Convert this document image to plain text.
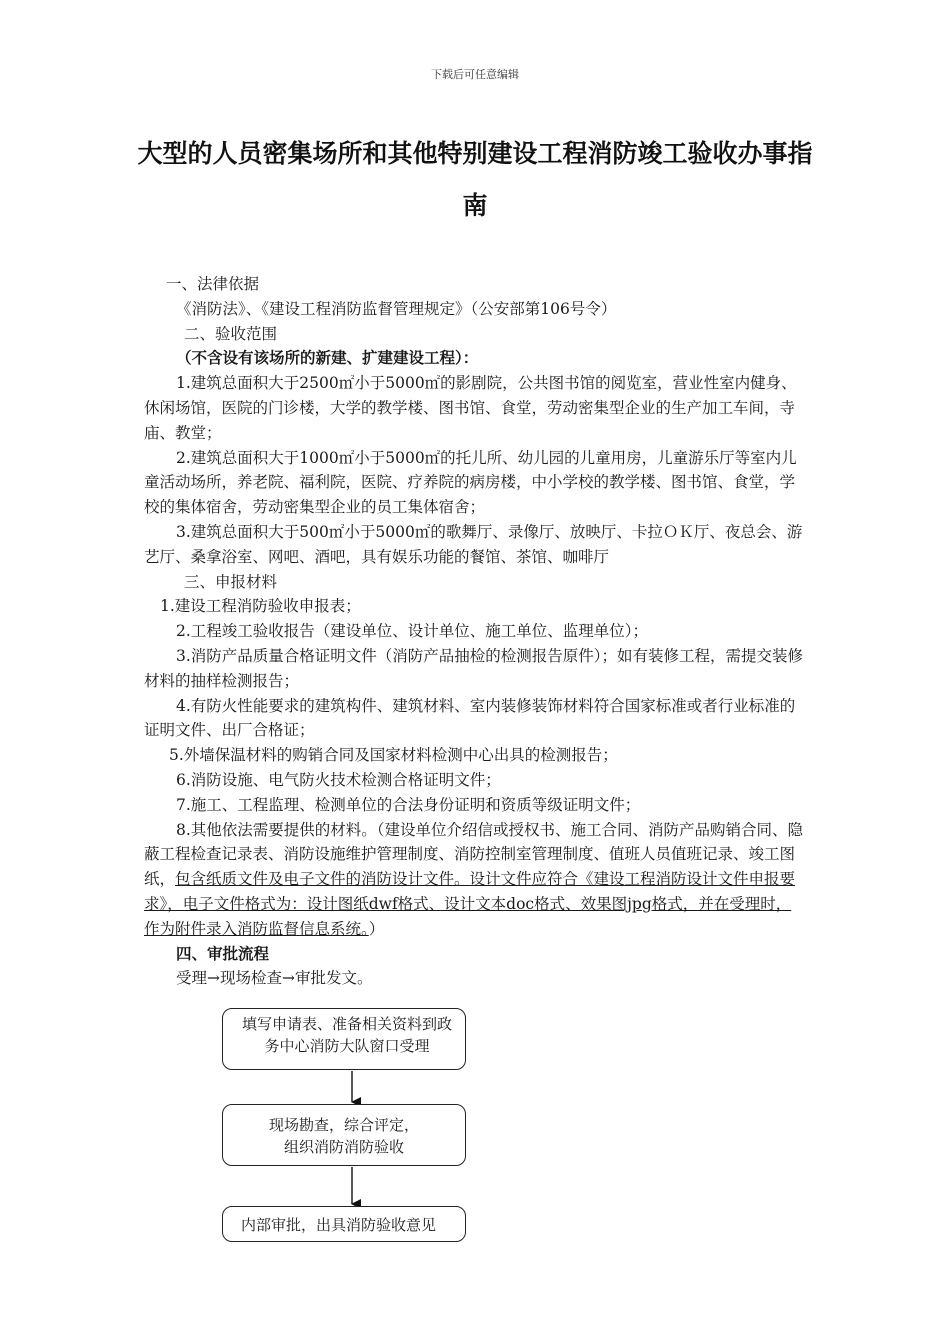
下载后可任意编辑
大型的人员密集场所和其他特别建设工程消防竣工验收办事指南

一、法律依据

《消防法》、《建设工程消防监督管理规定》（公安部第106号令）

二、验收范围

（不含设有该场所的新建、扩建建设工程）：

1.建筑总面积大于2500㎡小于5000㎡的影剧院，公共图书馆的阅览室，营业性室内健身、休闲场馆，医院的门诊楼，大学的教学楼、图书馆、食堂，劳动密集型企业的生产加工车间，寺庙、教堂；

2.建筑总面积大于1000㎡小于5000㎡的托儿所、幼儿园的儿童用房，儿童游乐厅等室内儿童活动场所，养老院、福利院，医院、疗养院的病房楼，中小学校的教学楼、图书馆、食堂，学校的集体宿舍，劳动密集型企业的员工集体宿舍；

3.建筑总面积大于500㎡小于5000㎡的歌舞厅、录像厅、放映厅、卡拉ＯＫ厅、夜总会、游艺厅、桑拿浴室、网吧、酒吧，具有娱乐功能的餐馆、茶馆、咖啡厅

三、申报材料

1.建设工程消防验收申报表；

2.工程竣工验收报告（建设单位、设计单位、施工单位、监理单位）；

3.消防产品质量合格证明文件（消防产品抽检的检测报告原件）；如有装修工程，需提交装修材料的抽样检测报告；

4.有防火性能要求的建筑构件、建筑材料、室内装修装饰材料符合国家标准或者行业标准的证明文件、出厂合格证；

5.外墙保温材料的购销合同及国家材料检测中心出具的检测报告；

6.消防设施、电气防火技术检测合格证明文件；

7.施工、工程监理、检测单位的合法身份证明和资质等级证明文件；

8.其他依法需要提供的材料。（建设单位介绍信或授权书、施工合同、消防产品购销合同、隐蔽工程检查记录表、消防设施维护管理制度、消防控制室管理制度、值班人员值班记录、竣工图纸，包含纸质文件及电子文件的消防设计文件。设计文件应符合《建设工程消防设计文件申报要求》，电子文件格式为：设计图纸dwf格式、设计文本doc格式、效果图jpg格式，并在受理时，作为附件录入消防监督信息系统。）

四、审批流程

受理→现场检查→审批发文。

填写申请表、准备相关资料到政务中心消防大队窗口受理
现场勘查，综合评定，
组织消防消防验收
内部审批，出具消防验收意见
